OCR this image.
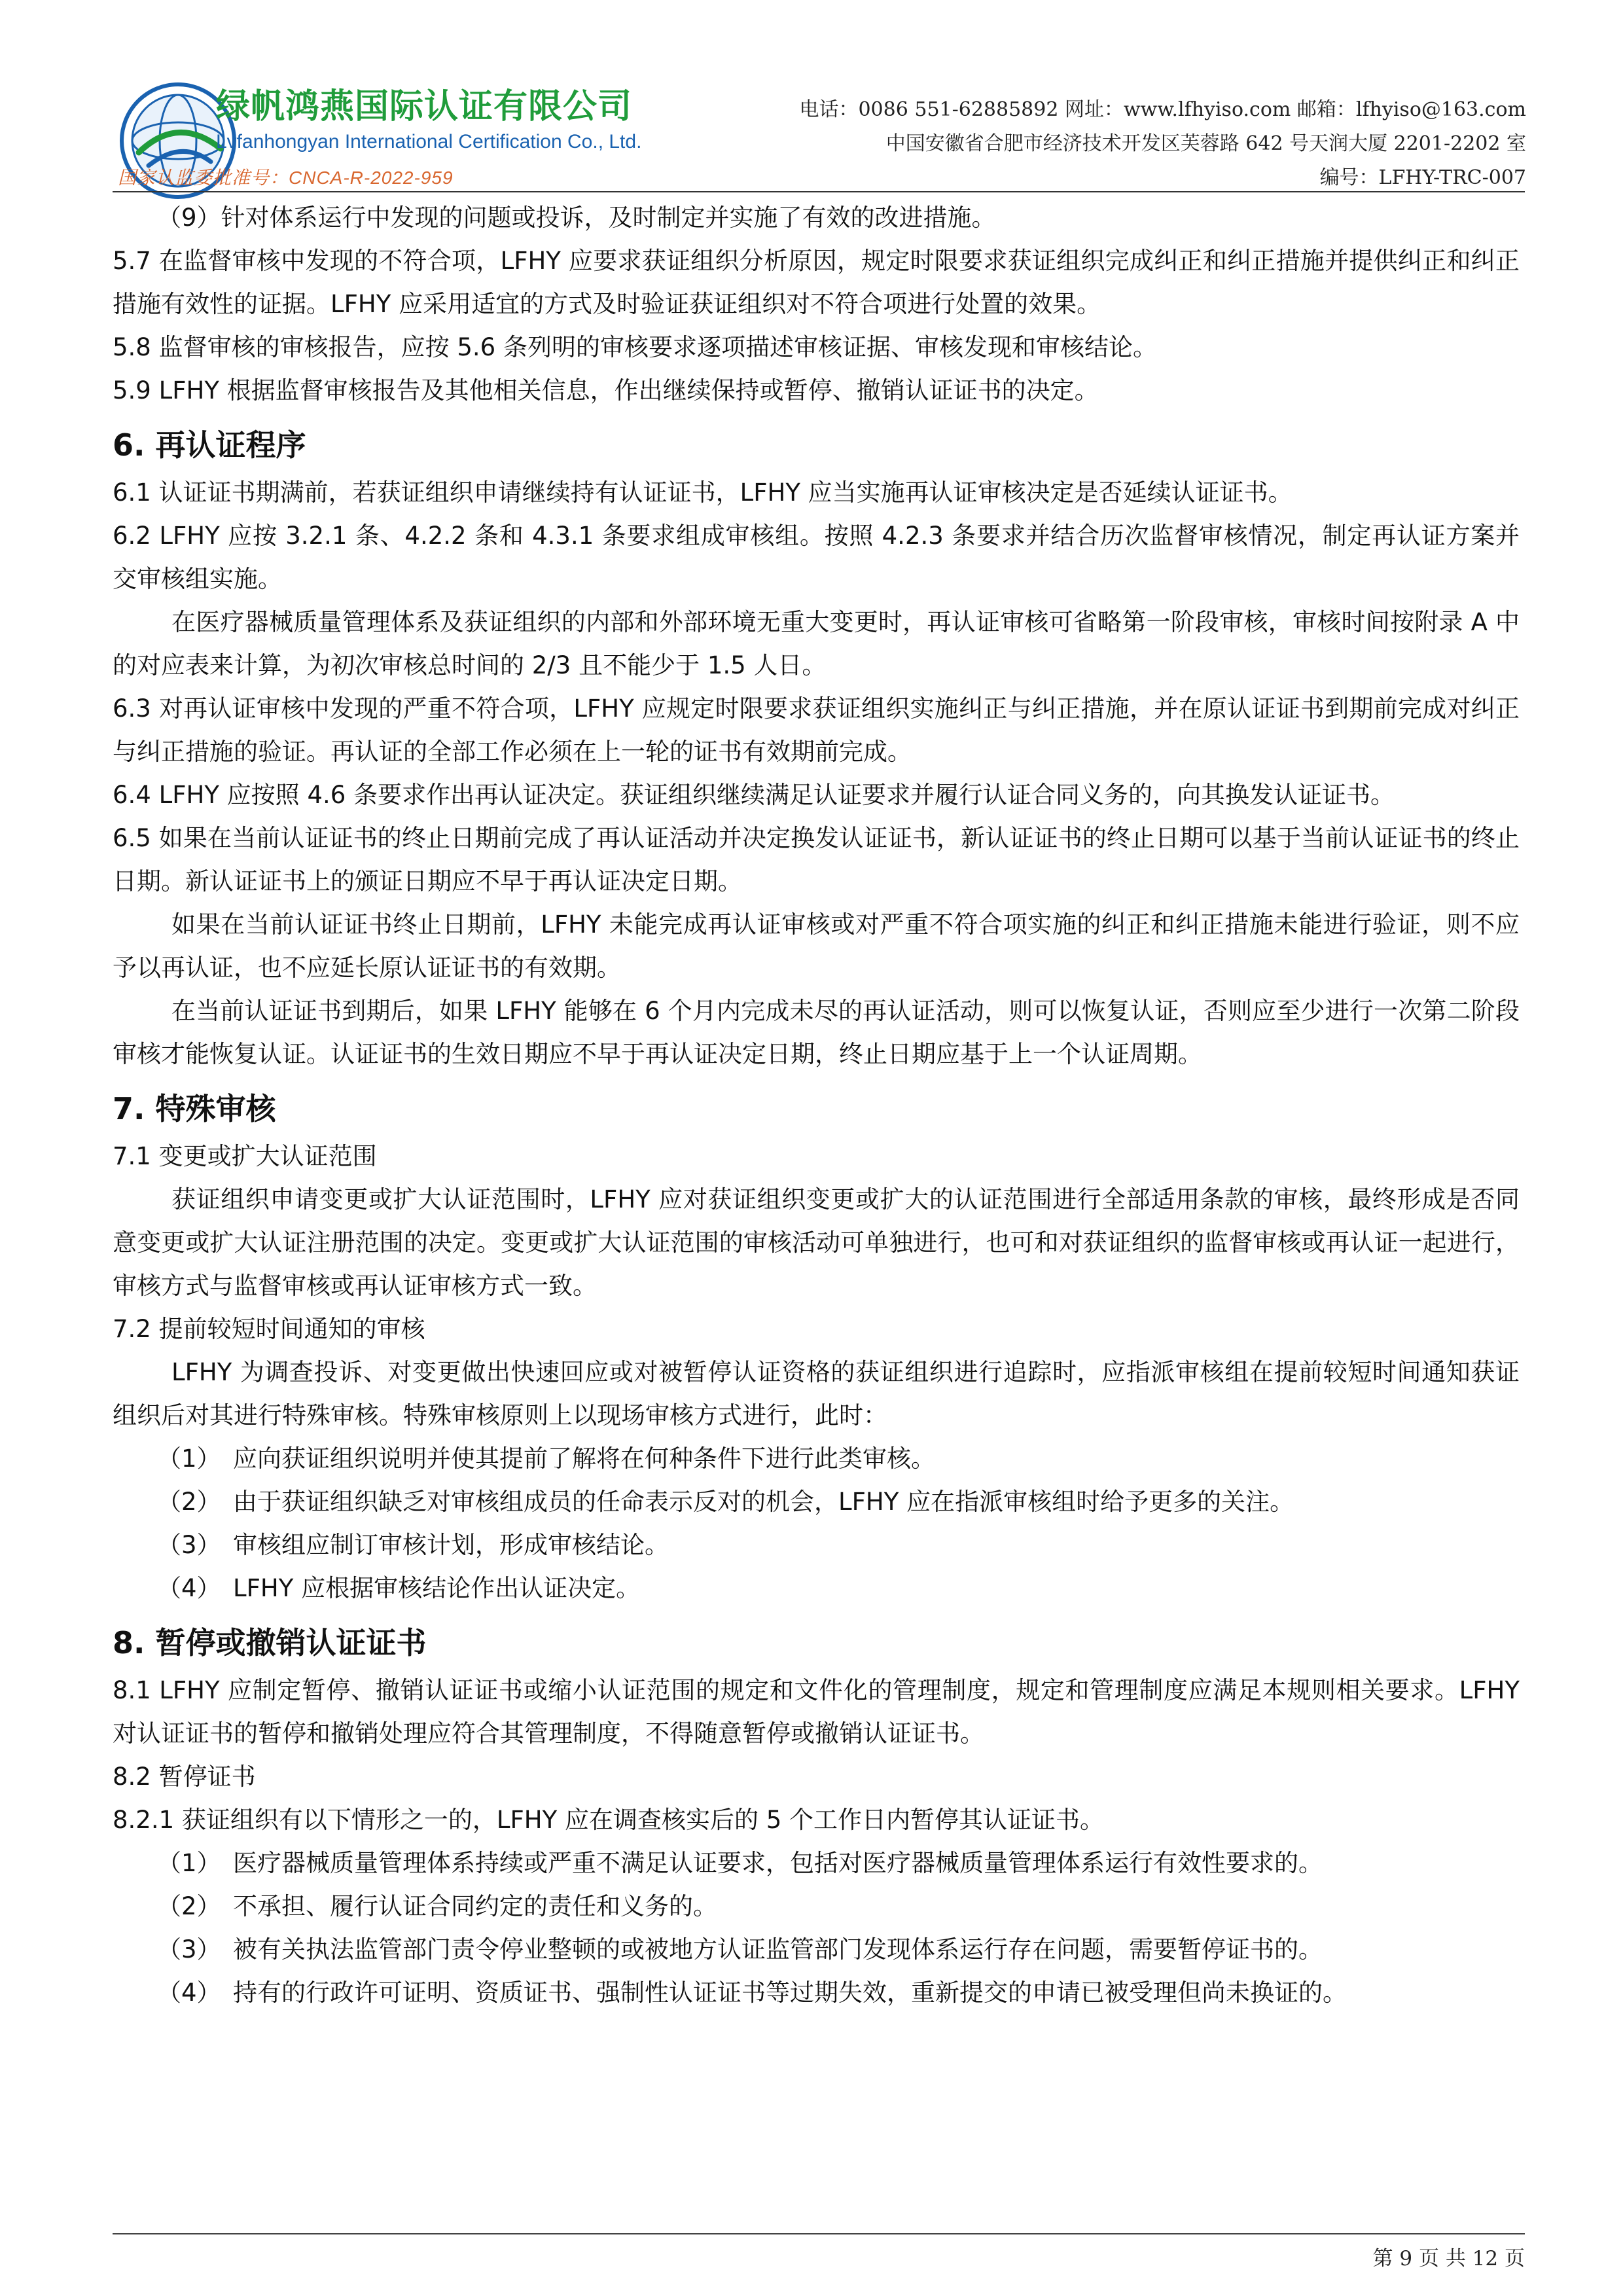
绿帆鸿燕国际认证有限公司
Lvfanhongyan International Certification Co., Ltd.
国家认监委批准号：CNCA-R-2022-959
电话：0086 551-62885892 网址：www.lfhyiso.com 邮箱：lfhyiso@163.com
中国安徽省合肥市经济技术开发区芙蓉路 642 号天润大厦 2201-2202 室
编号：LFHY-TRC-007

（9）针对体系运行中发现的问题或投诉，及时制定并实施了有效的改进措施。

5.7 在监督审核中发现的不符合项，LFHY 应要求获证组织分析原因，规定时限要求获证组织完成纠正和纠正措施并提供纠正和纠正措施有效性的证据。LFHY 应采用适宜的方式及时验证获证组织对不符合项进行处置的效果。

5.8 监督审核的审核报告，应按 5.6 条列明的审核要求逐项描述审核证据、审核发现和审核结论。

5.9 LFHY 根据监督审核报告及其他相关信息，作出继续保持或暂停、撤销认证证书的决定。

6. 再认证程序

6.1 认证证书期满前，若获证组织申请继续持有认证证书，LFHY 应当实施再认证审核决定是否延续认证证书。

6.2 LFHY 应按 3.2.1 条、4.2.2 条和 4.3.1 条要求组成审核组。按照 4.2.3 条要求并结合历次监督审核情况，制定再认证方案并交审核组实施。

在医疗器械质量管理体系及获证组织的内部和外部环境无重大变更时，再认证审核可省略第一阶段审核，审核时间按附录 A 中的对应表来计算，为初次审核总时间的 2/3 且不能少于 1.5 人日。

6.3 对再认证审核中发现的严重不符合项，LFHY 应规定时限要求获证组织实施纠正与纠正措施，并在原认证证书到期前完成对纠正与纠正措施的验证。再认证的全部工作必须在上一轮的证书有效期前完成。

6.4 LFHY 应按照 4.6 条要求作出再认证决定。获证组织继续满足认证要求并履行认证合同义务的，向其换发认证证书。

6.5 如果在当前认证证书的终止日期前完成了再认证活动并决定换发认证证书，新认证证书的终止日期可以基于当前认证证书的终止日期。新认证证书上的颁证日期应不早于再认证决定日期。

如果在当前认证证书终止日期前，LFHY 未能完成再认证审核或对严重不符合项实施的纠正和纠正措施未能进行验证，则不应予以再认证，也不应延长原认证证书的有效期。

在当前认证证书到期后，如果 LFHY 能够在 6 个月内完成未尽的再认证活动，则可以恢复认证，否则应至少进行一次第二阶段审核才能恢复认证。认证证书的生效日期应不早于再认证决定日期，终止日期应基于上一个认证周期。

7. 特殊审核

7.1 变更或扩大认证范围

获证组织申请变更或扩大认证范围时，LFHY 应对获证组织变更或扩大的认证范围进行全部适用条款的审核，最终形成是否同意变更或扩大认证注册范围的决定。变更或扩大认证范围的审核活动可单独进行，也可和对获证组织的监督审核或再认证一起进行，审核方式与监督审核或再认证审核方式一致。

7.2 提前较短时间通知的审核

LFHY 为调查投诉、对变更做出快速回应或对被暂停认证资格的获证组织进行追踪时，应指派审核组在提前较短时间通知获证组织后对其进行特殊审核。特殊审核原则上以现场审核方式进行，此时：

（1）　应向获证组织说明并使其提前了解将在何种条件下进行此类审核。

（2）　由于获证组织缺乏对审核组成员的任命表示反对的机会，LFHY 应在指派审核组时给予更多的关注。

（3）　审核组应制订审核计划，形成审核结论。

（4）　LFHY 应根据审核结论作出认证决定。

8. 暂停或撤销认证证书

8.1 LFHY 应制定暂停、撤销认证证书或缩小认证范围的规定和文件化的管理制度，规定和管理制度应满足本规则相关要求。LFHY 对认证证书的暂停和撤销处理应符合其管理制度，不得随意暂停或撤销认证证书。

8.2 暂停证书

8.2.1 获证组织有以下情形之一的，LFHY 应在调查核实后的 5 个工作日内暂停其认证证书。

（1）　医疗器械质量管理体系持续或严重不满足认证要求，包括对医疗器械质量管理体系运行有效性要求的。

（2）　不承担、履行认证合同约定的责任和义务的。

（3）　被有关执法监管部门责令停业整顿的或被地方认证监管部门发现体系运行存在问题，需要暂停证书的。

（4）　持有的行政许可证明、资质证书、强制性认证证书等过期失效，重新提交的申请已被受理但尚未换证的。

第 9 页 共 12 页
